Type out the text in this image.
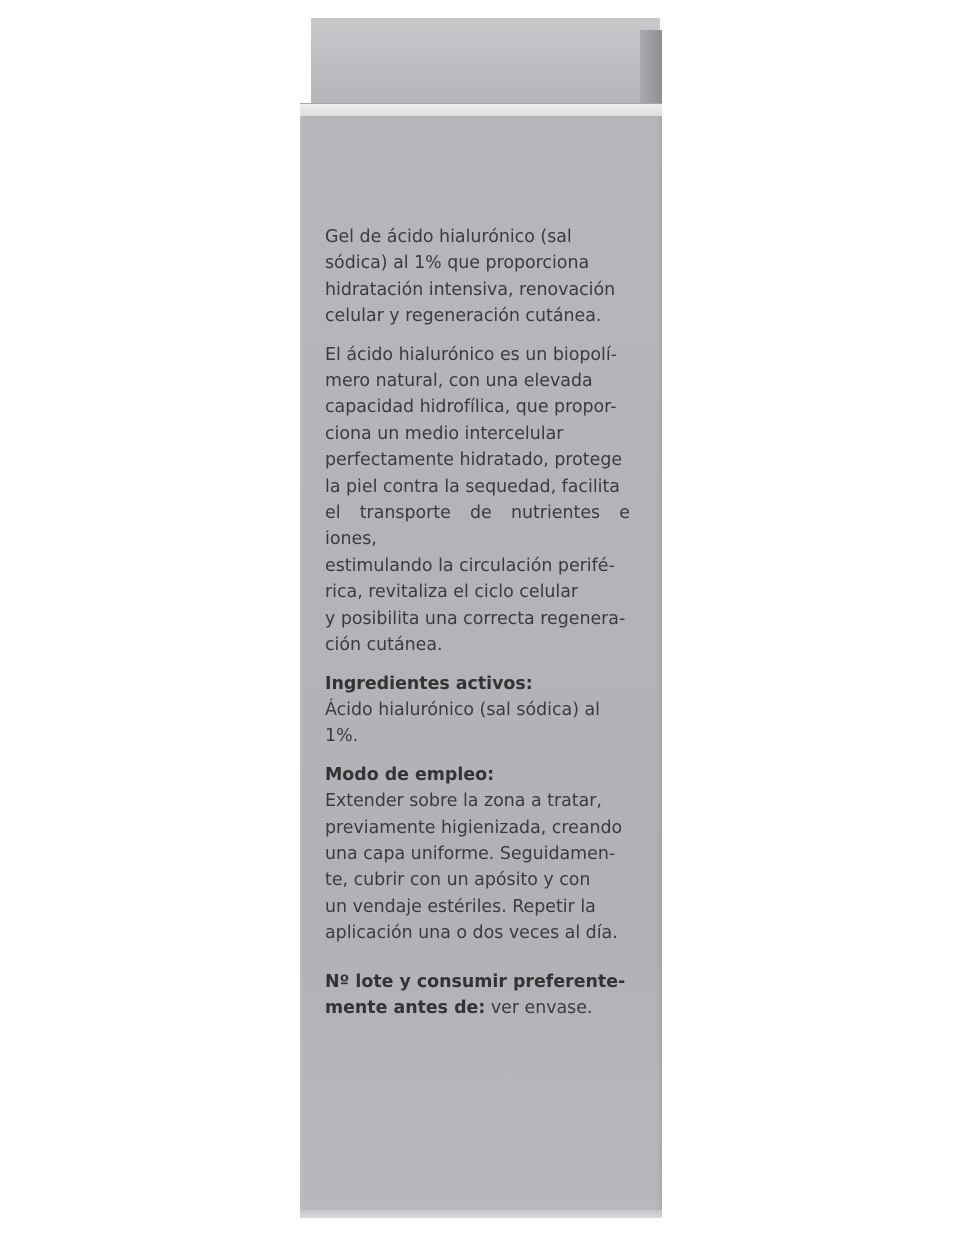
Gel de ácido hialurónico (sal
sódica) al 1% que proporciona
hidratación intensiva, renovación
celular y regeneración cutánea.

El ácido hialurónico es un biopolí-
mero natural, con una elevada
capacidad hidrofílica, que propor-
ciona un medio intercelular
perfectamente hidratado, protege
la piel contra la sequedad, facilita
el transporte de nutrientes e iones,
estimulando la circulación perifé-
rica, revitaliza el ciclo celular
y posibilita una correcta regenera-
ción cutánea.

Ingredientes activos:
Ácido hialurónico (sal sódica) al
1%.

Modo de empleo:
Extender sobre la zona a tratar,
previamente higienizada, creando
una capa uniforme. Seguidamen-
te, cubrir con un apósito y con
un vendaje estériles. Repetir la
aplicación una o dos veces al día.

Nº lote y consumir preferente-
mente antes de: ver envase.
